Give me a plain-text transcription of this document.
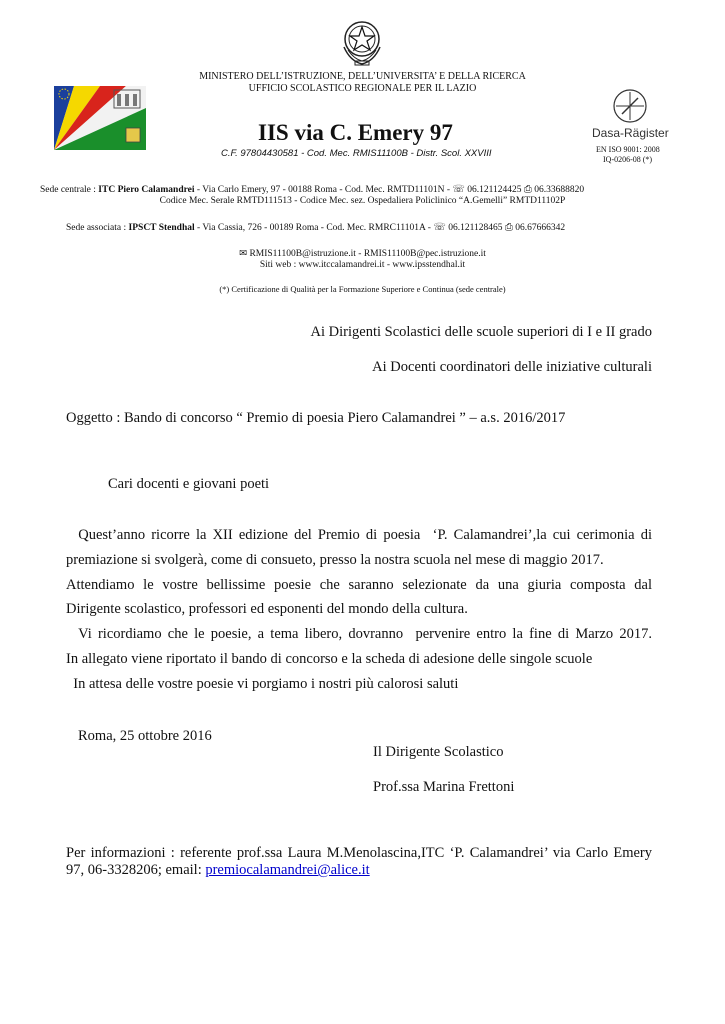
MINISTERO DELL’ISTRUZIONE, DELL’UNIVERSITA’ E DELLA RICERCA
UFFICIO SCOLASTICO REGIONALE PER IL LAZIO
IIS via C. Emery 97
C.F. 97804430581 - Cod. Mec. RMIS11100B - Distr. Scol. XXVIII
Dasa-Rägister
EN ISO 9001: 2008
IQ-0206-08 (*)
Sede centrale : ITC Piero Calamandrei - Via Carlo Emery, 97 - 00188 Roma - Cod. Mec. RMTD11101N - ☏ 06.121124425 ⎙ 06.33688820
Codice Mec. Serale RMTD111513 - Codice Mec. sez. Ospedaliera Policlinico “A.Gemelli” RMTD11102P
Sede associata : IPSCT Stendhal - Via Cassia, 726 - 00189 Roma - Cod. Mec. RMRC11101A - ☏ 06.121128465 ⎙ 06.67666342
✉ RMIS11100B@istruzione.it - RMIS11100B@pec.istruzione.it
Siti web : www.itccalamandrei.it - www.ipsstendhal.it
(*) Certificazione di Qualità per la Formazione Superiore e Continua (sede centrale)
Ai Dirigenti Scolastici delle scuole superiori di I e II grado
Ai Docenti coordinatori delle iniziative culturali
Oggetto : Bando di concorso “ Premio di poesia Piero Calamandrei ” – a.s. 2016/2017
Cari docenti e giovani poeti
Quest’anno ricorre la XII edizione del Premio di poesia  ‘P. Calamandrei’,la cui cerimonia di
premiazione si svolgerà, come di consueto, presso la nostra scuola nel mese di maggio 2017.
Attendiamo le vostre bellissime poesie che saranno selezionate da una giuria composta dal
Dirigente scolastico, professori ed esponenti del mondo della cultura.
Vi ricordiamo che le poesie, a tema libero, dovranno  pervenire entro la fine di Marzo 2017.
In allegato viene riportato il bando di concorso e la scheda di adesione delle singole scuole
In attesa delle vostre poesie vi porgiamo i nostri più calorosi saluti
Roma, 25 ottobre 2016
Il Dirigente Scolastico
Prof.ssa Marina Frettoni
Per informazioni : referente prof.ssa Laura M.Menolascina,ITC ‘P. Calamandrei’ via Carlo Emery
97, 06-3328206; email: premiocalamandrei@alice.it
